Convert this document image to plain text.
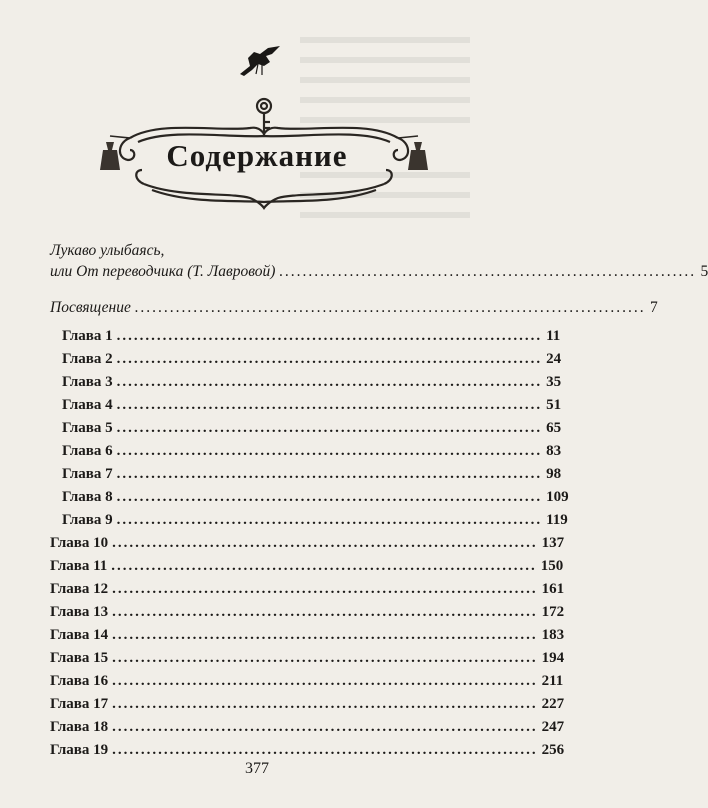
Содержание
Лукаво улыбаясь,
или От переводчика (Т. Лавровой) ....................................................................... 5
Посвящение ....................................................................................... 7
Глава 1 .......................................................................... 11
Глава 2 .......................................................................... 24
Глава 3 .......................................................................... 35
Глава 4 .......................................................................... 51
Глава 5 .......................................................................... 65
Глава 6 .......................................................................... 83
Глава 7 .......................................................................... 98
Глава 8 .......................................................................... 109
Глава 9 .......................................................................... 119
Глава 10 .......................................................................... 137
Глава 11 .......................................................................... 150
Глава 12 .......................................................................... 161
Глава 13 .......................................................................... 172
Глава 14 .......................................................................... 183
Глава 15 .......................................................................... 194
Глава 16 .......................................................................... 211
Глава 17 .......................................................................... 227
Глава 18 .......................................................................... 247
Глава 19 .......................................................................... 256
377
